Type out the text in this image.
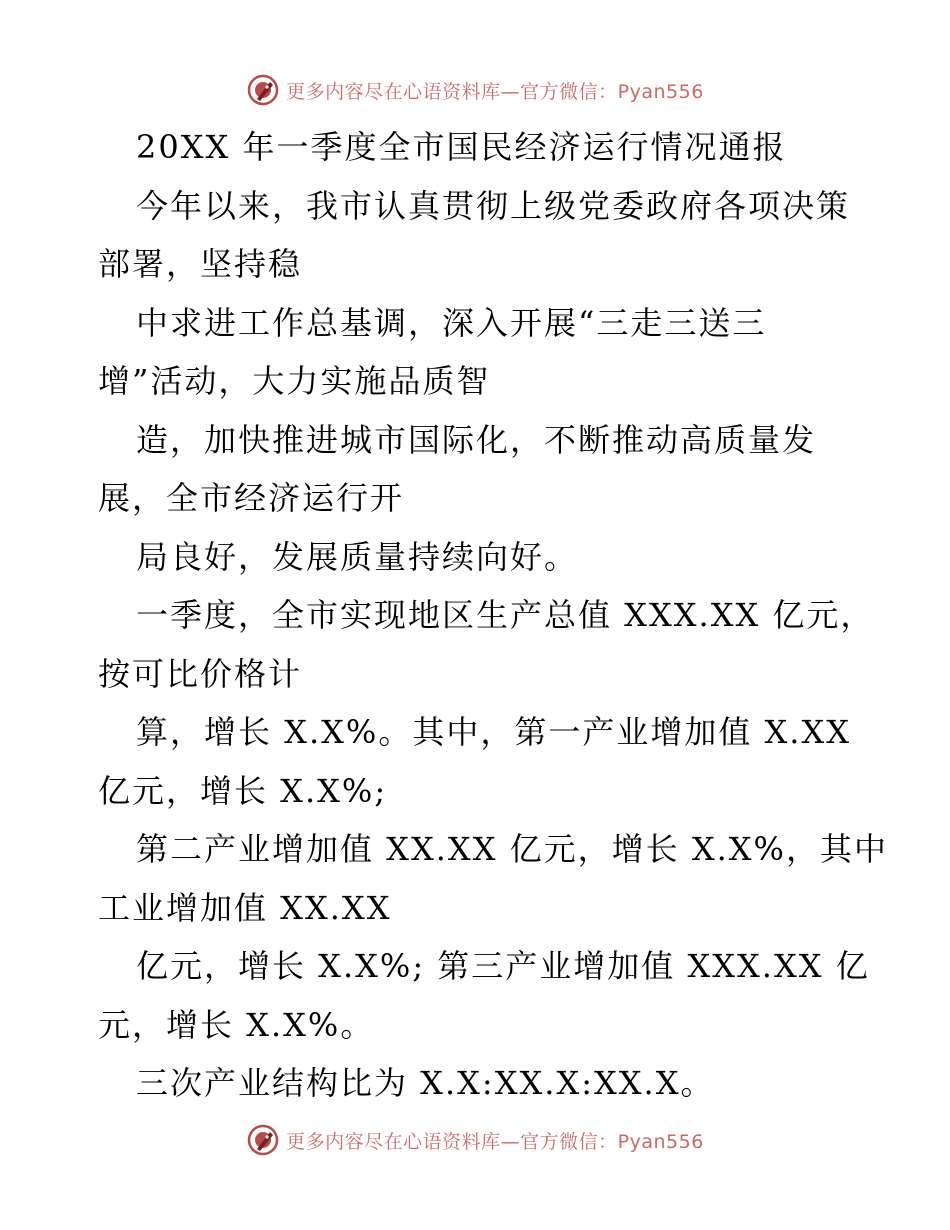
更多内容尽在心语资料库—官方微信：Pyan556
20XX 年一季度全市国民经济运行情况通报
今年以来，我市认真贯彻上级党委政府各项决策
部署，坚持稳
中求进工作总基调，深入开展“三走三送三
增”活动，大力实施品质智
造，加快推进城市国际化，不断推动高质量发
展，全市经济运行开
局良好，发展质量持续向好。
一季度，全市实现地区生产总值 XXX.XX 亿元，
按可比价格计
算，增长 X.X%。其中，第一产业增加值 X.XX
亿元，增长 X.X%;
第二产业增加值 XX.XX 亿元，增长 X.X%，其中
工业增加值 XX.XX
亿元，增长 X.X%; 第三产业增加值 XXX.XX 亿
元，增长 X.X%。
三次产业结构比为 X.X:XX.X:XX.X。
更多内容尽在心语资料库—官方微信：Pyan556
